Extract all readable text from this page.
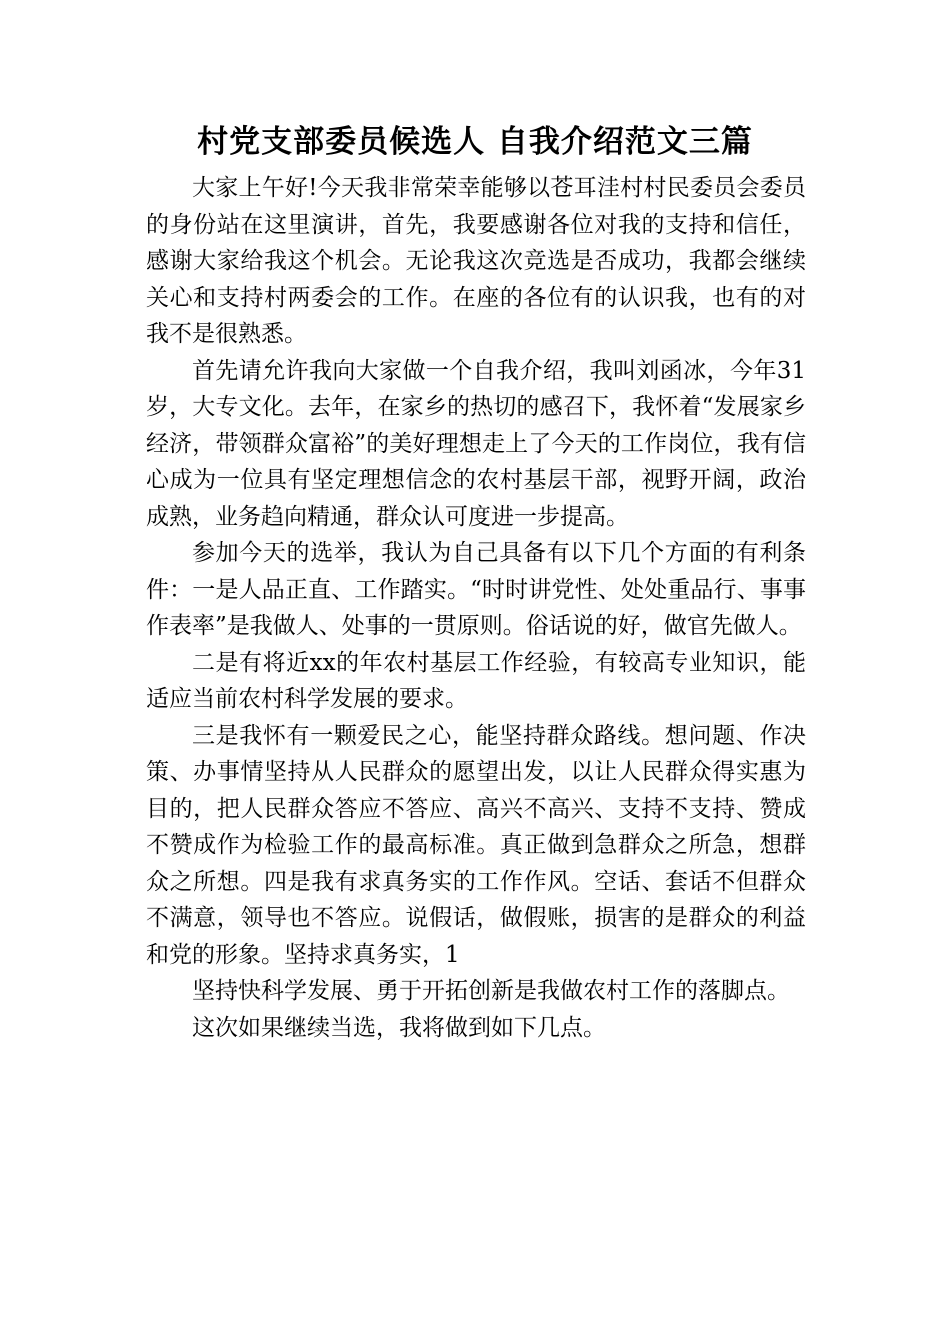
村党支部委员候选人 自我介绍范文三篇

大家上午好!今天我非常荣幸能够以苍耳洼村村民委员会委员的身份站在这里演讲，首先，我要感谢各位对我的支持和信任，感谢大家给我这个机会。无论我这次竞选是否成功，我都会继续关心和支持村两委会的工作。在座的各位有的认识我，也有的对我不是很熟悉。

首先请允许我向大家做一个自我介绍，我叫刘函冰，今年31岁，大专文化。去年，在家乡的热切的感召下，我怀着“发展家乡经济，带领群众富裕”的美好理想走上了今天的工作岗位，我有信心成为一位具有坚定理想信念的农村基层干部，视野开阔，政治成熟，业务趋向精通，群众认可度进一步提高。

参加今天的选举，我认为自己具备有以下几个方面的有利条件：一是人品正直、工作踏实。“时时讲党性、处处重品行、事事作表率”是我做人、处事的一贯原则。俗话说的好，做官先做人。

二是有将近xx的年农村基层工作经验，有较高专业知识，能适应当前农村科学发展的要求。

三是我怀有一颗爱民之心，能坚持群众路线。想问题、作决策、办事情坚持从人民群众的愿望出发，以让人民群众得实惠为目的，把人民群众答应不答应、高兴不高兴、支持不支持、赞成不赞成作为检验工作的最高标准。真正做到急群众之所急，想群众之所想。四是我有求真务实的工作作风。空话、套话不但群众不满意，领导也不答应。说假话，做假账，损害的是群众的利益和党的形象。坚持求真务实，1

坚持快科学发展、勇于开拓创新是我做农村工作的落脚点。

这次如果继续当选，我将做到如下几点。
